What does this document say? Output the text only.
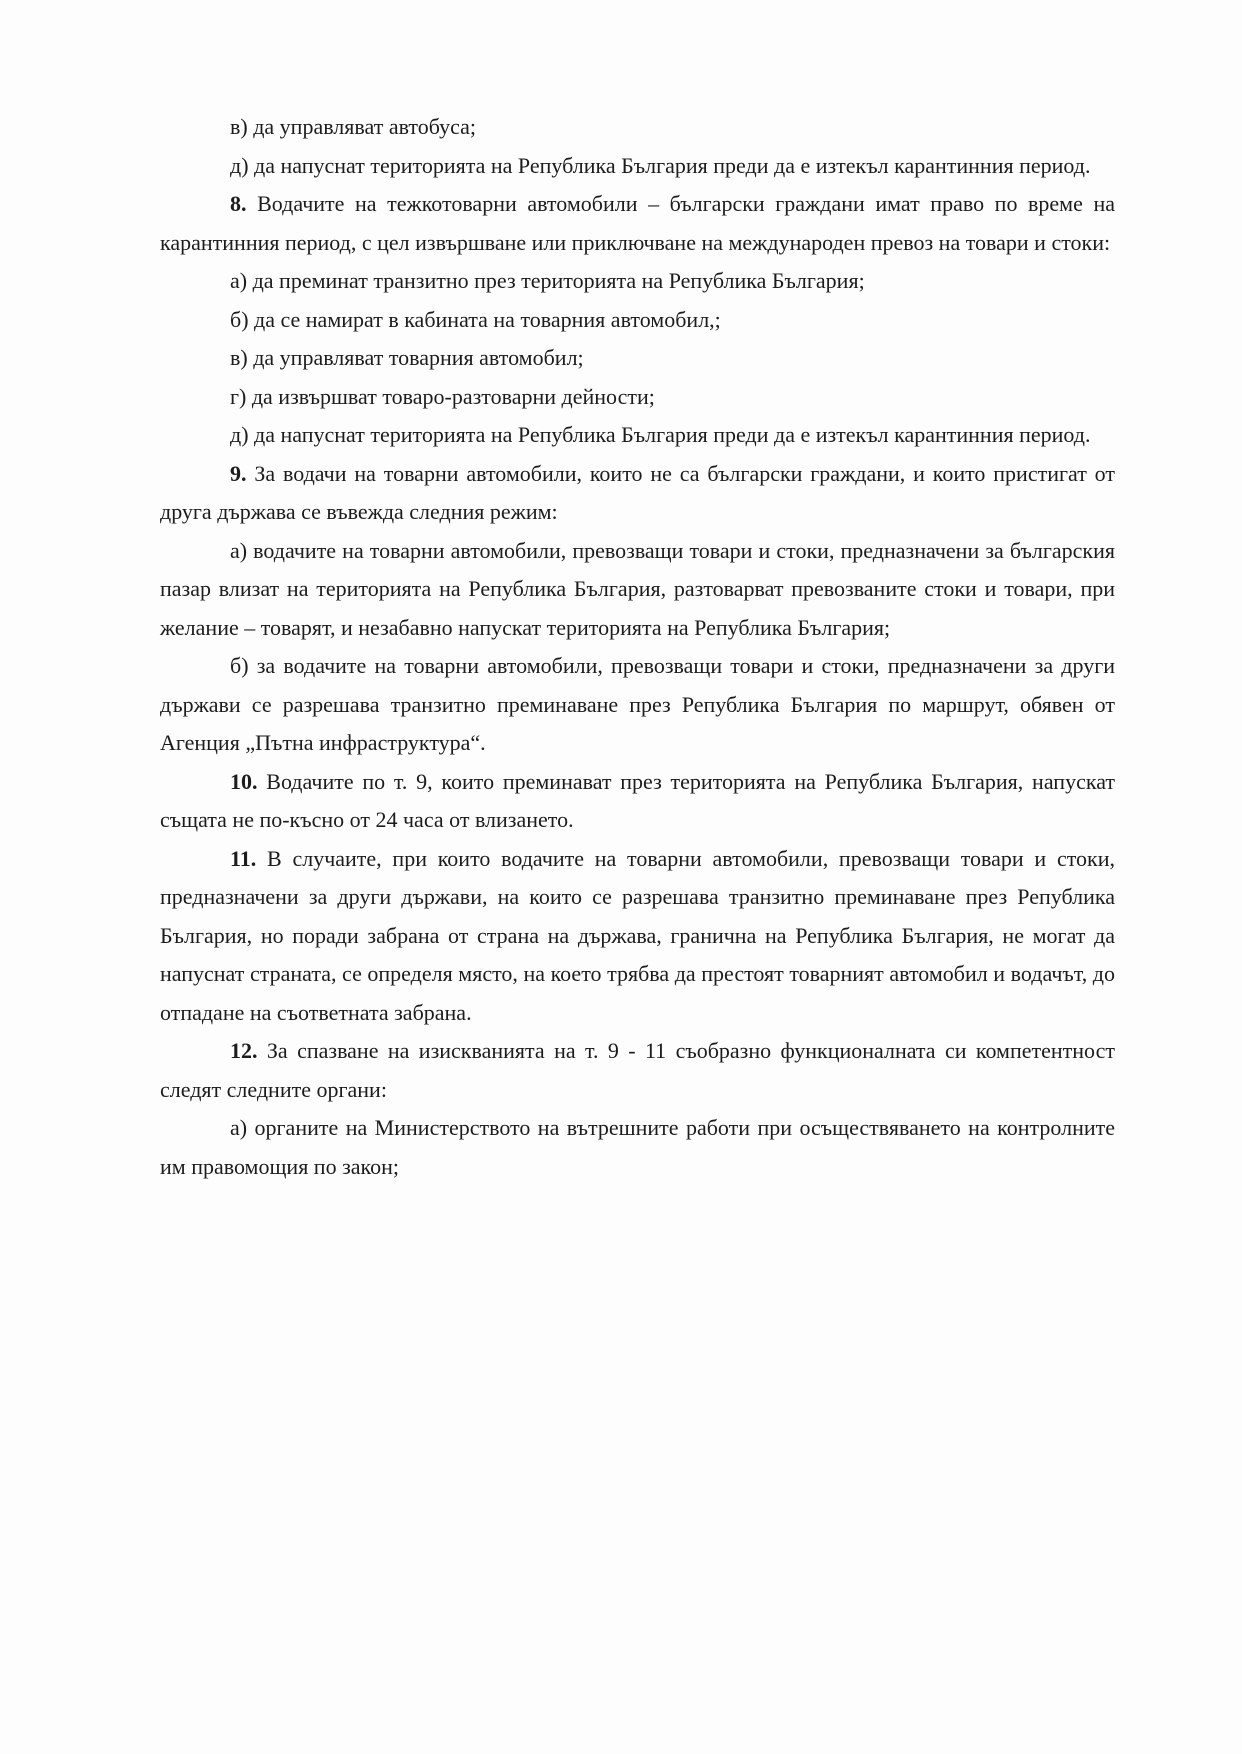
в) да управляват автобуса;

д) да напуснат територията на Република България преди да е изтекъл карантинния период.

8. Водачите на тежкотоварни автомобили – български граждани имат право по време на карантинния период, с цел извършване или приключване на международен превоз на товари и стоки:

а) да преминат транзитно през територията на Република България;

б) да се намират в кабината на товарния автомобил,;

в) да управляват товарния автомобил;

г) да извършват товаро-разтоварни дейности;

д) да напуснат територията на Република България преди да е изтекъл карантинния период.

9. За водачи на товарни автомобили, които не са български граждани, и които пристигат от друга държава се въвежда следния режим:

а) водачите на товарни автомобили, превозващи товари и стоки, предназначени за българския пазар влизат на територията на Република България, разтоварват превозваните стоки и товари, при желание – товарят, и незабавно напускат територията на Република България;

б) за водачите на товарни автомобили, превозващи товари и стоки, предназначени за други държави се разрешава транзитно преминаване през Република България по маршрут, обявен от Агенция „Пътна инфраструктура“.

10. Водачите по т. 9, които преминават през територията на Република България, напускат същата не по-късно от 24 часа от влизането.

11. В случаите, при които водачите на товарни автомобили, превозващи товари и стоки, предназначени за други държави, на които се разрешава транзитно преминаване през Република България, но поради забрана от страна на държава, гранична на Република България, не могат да напуснат страната, се определя място, на което трябва да престоят товарният автомобил и водачът, до отпадане на съответната забрана.

12. За спазване на изискванията на т. 9 - 11 съобразно функционалната си компетентност следят следните органи:

а) органите на Министерството на вътрешните работи при осъществяването на контролните им правомощия по закон;
